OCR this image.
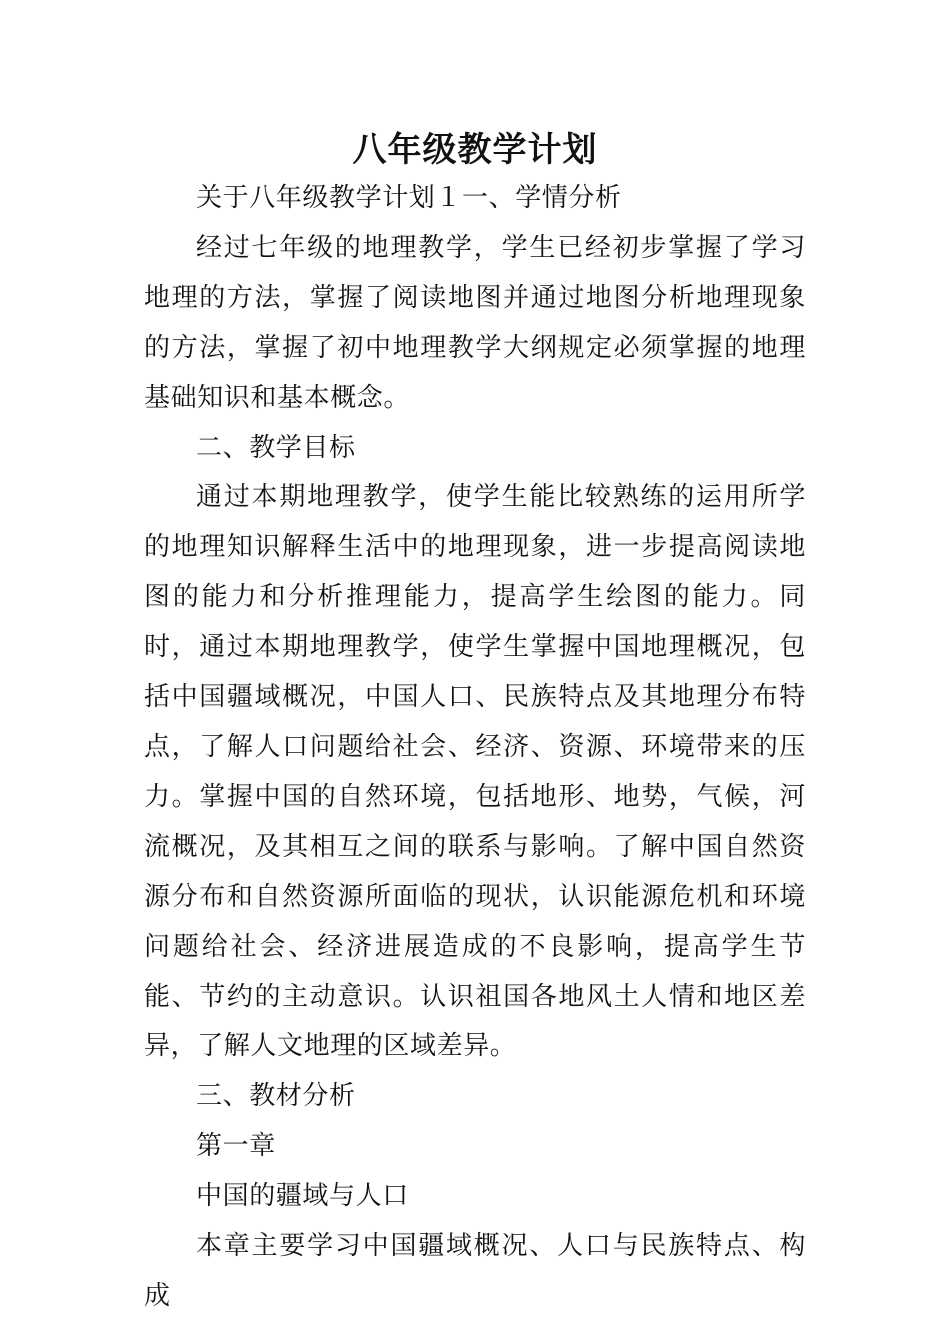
八年级教学计划

关于八年级教学计划１一、学情分析

经过七年级的地理教学，学生已经初步掌握了学习地理的方法，掌握了阅读地图并通过地图分析地理现象的方法，掌握了初中地理教学大纲规定必须掌握的地理基础知识和基本概念。

二、教学目标

通过本期地理教学，使学生能比较熟练的运用所学的地理知识解释生活中的地理现象，进一步提高阅读地图的能力和分析推理能力，提高学生绘图的能力。同时，通过本期地理教学，使学生掌握中国地理概况，包括中国疆域概况，中国人口、民族特点及其地理分布特点，了解人口问题给社会、经济、资源、环境带来的压力。掌握中国的自然环境，包括地形、地势，气候，河流概况，及其相互之间的联系与影响。了解中国自然资源分布和自然资源所面临的现状，认识能源危机和环境问题给社会、经济进展造成的不良影响，提高学生节能、节约的主动意识。认识祖国各地风土人情和地区差异，了解人文地理的区域差异。

三、教材分析

第一章

中国的疆域与人口

本章主要学习中国疆域概况、人口与民族特点、构成
